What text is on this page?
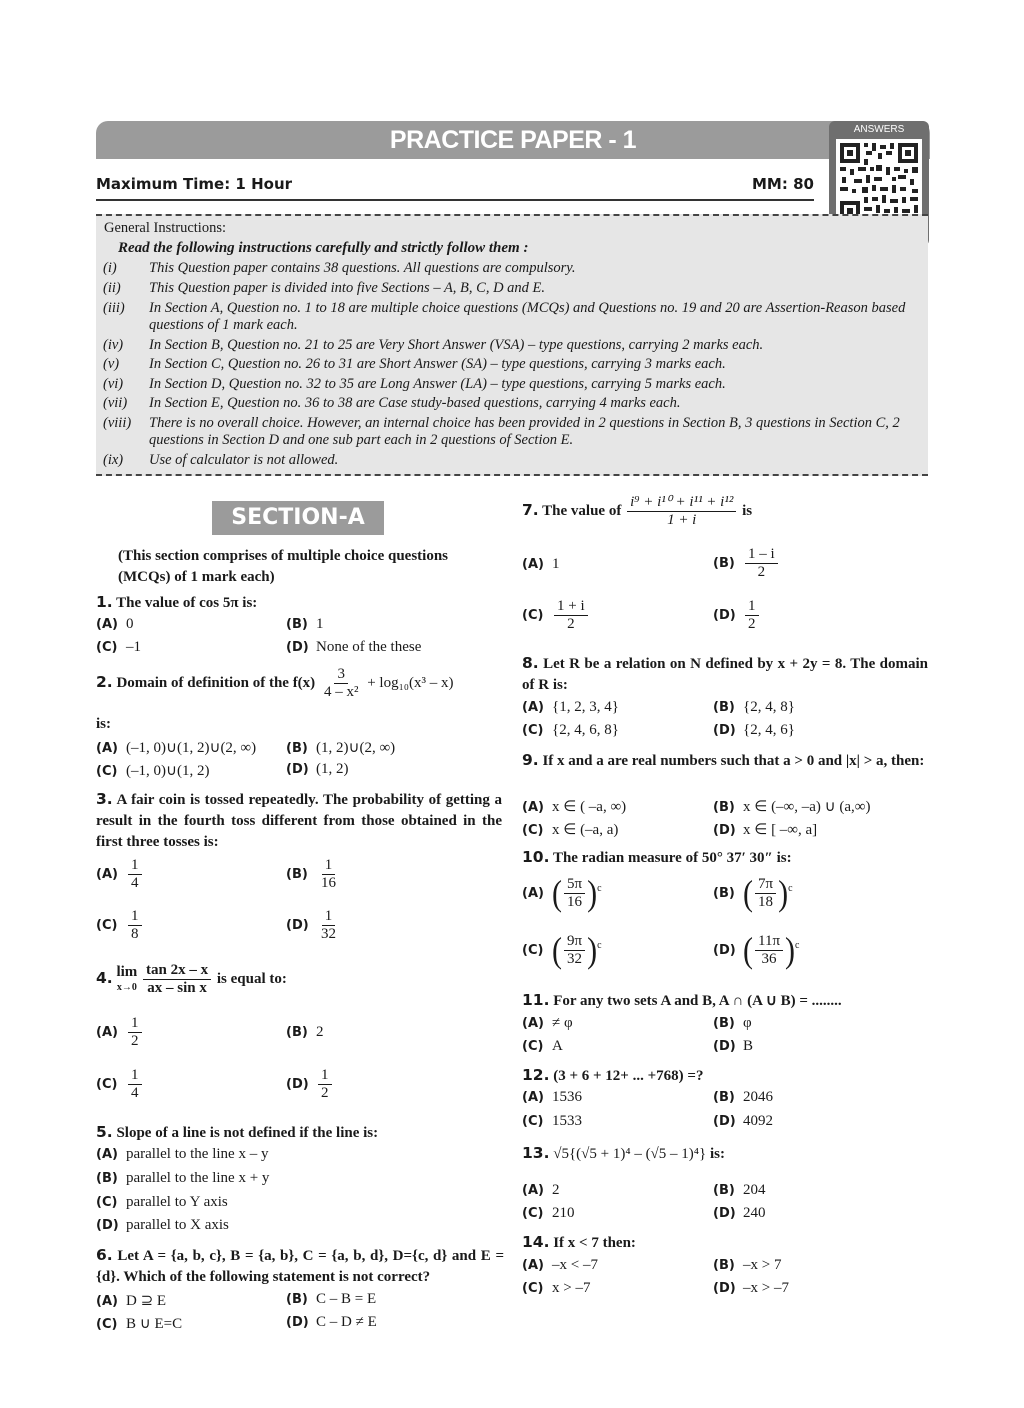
PRACTICE PAPER - 1	ANSWERS
Maximum Time: 1 Hour	MM: 80
General Instructions:
Read the following instructions carefully and strictly follow them :
(i)	This Question paper contains 38 questions. All questions are compulsory.
(ii)	This Question paper is divided into five Sections – A, B, C, D and E.
(iii)	In Section A, Question no. 1 to 18 are multiple choice questions (MCQs) and Questions no. 19 and 20 are Assertion-Reason based questions of 1 mark each.
(iv)	In Section B, Question no. 21 to 25 are Very Short Answer (VSA) – type questions, carrying 2 marks each.
(v)	In Section C, Question no. 26 to 31 are Short Answer (SA) – type questions, carrying 3 marks each.
(vi)	In Section D, Question no. 32 to 35 are Long Answer (LA) – type questions, carrying 5 marks each.
(vii)	In Section E, Question no. 36 to 38 are Case study-based questions, carrying 4 marks each.
(viii)	There is no overall choice. However, an internal choice has been provided in 2 questions in Section B, 3 questions in Section C, 2 questions in Section D and one sub part each in 2 questions of Section E.
(ix)	Use of calculator is not allowed.
SECTION-A
(This section comprises of multiple choice questions (MCQs) of 1 mark each)
1. The value of cos 5π is:
(A) 0	(B) 1
(C) –1	(D) None of the these
2. Domain of definition of the $f(x) \frac{3}{\text{4 – x²}} + \log_{10}(x^3 - x)$
is:
(A) (–1, 0)∪(1, 2)∪(2, ∞) (B) (1, 2)∪(2, ∞)
(C) (–1, 0)∪(1, 2)	(D) (1, 2)
3. A fair coin is tossed repeatedly. The probability of getting a result in the fourth toss different from those obtained in the first three tosses is:
$(A) \frac{1}{4}$	$(B) \frac{1}{16}$
$(C) \frac{1}{8}$	$(D) \frac{1}{32}$
4. lim
x→0
$\frac{\tan 2x - x}{\text{ax – sin x}}$ is equal to:
$(A) \frac{1}{2}$	(B) 2
$(C) \frac{1}{4}$	$(D) \frac{1}{2}$
5. Slope of a line is not defined if the line is:
(A) parallel to the line x – y
(B) parallel to the line x + y
(C) parallel to Y axis
(D) parallel to X axis
6. Let A = {a, b, c}, B = {a, b}, C = {a, b, d}, D={c, d} and E = {d}. Which of the following statement is not correct?
(A) D ⊇ E	(B) C – B = E
(C) B ∪ E=C	(D) C – D ≠ E
7. The value of $\frac{\text{i⁹ + i¹⁰ + i¹¹ + i¹²}}{1 + i}$ is
(A) 1	$(B) \frac{1 - i}{2}$
$(C) \frac{1 + i}{2}$	$(D) \frac{1}{2}$
8. Let R be a relation on N defined by x + 2y = 8. The domain of R is:
(A) {1, 2, 3, 4}	(B) {2, 4, 8}
(C) {2, 4, 6, 8}	(D) {2, 4, 6}
9. If x and a are real numbers such that a > 0 and |x| > a, then:
(A) x ∈ ( –a, ∞)	(B) x ∈ (–∞, –a) ∪ (a,∞)
(C) x ∈ (–a, a)	(D) x ∈ [ –∞, a]
10. The radian measure of 50° 37′ 30″ is:
(A) ( $\frac{5\pi}{16} )^c$	(B) ( $\frac{7\pi}{18} )^c$
(C) ( $\frac{9\pi}{32} )^c$	(D) ( $\frac{11\pi}{36} )^c$
11. For any two sets A and B, A ∩ (A ∪ B) = ........
(A) ≠ φ	(B) φ
(C) A	(D) B
12. (3 + 6 + 12+ ... +768) =?
(A) 1536	(B) 2046
(C) 1533	(D) 4092
13. √5{(√5 + 1)⁴ – (√5 – 1)⁴} is:
(A) 2	(B) 204
(C) 210	(D) 240
14. If x < 7 then:
(A) –x < –7	(B) –x > 7
(C) x > –7	(D) –x > –7
